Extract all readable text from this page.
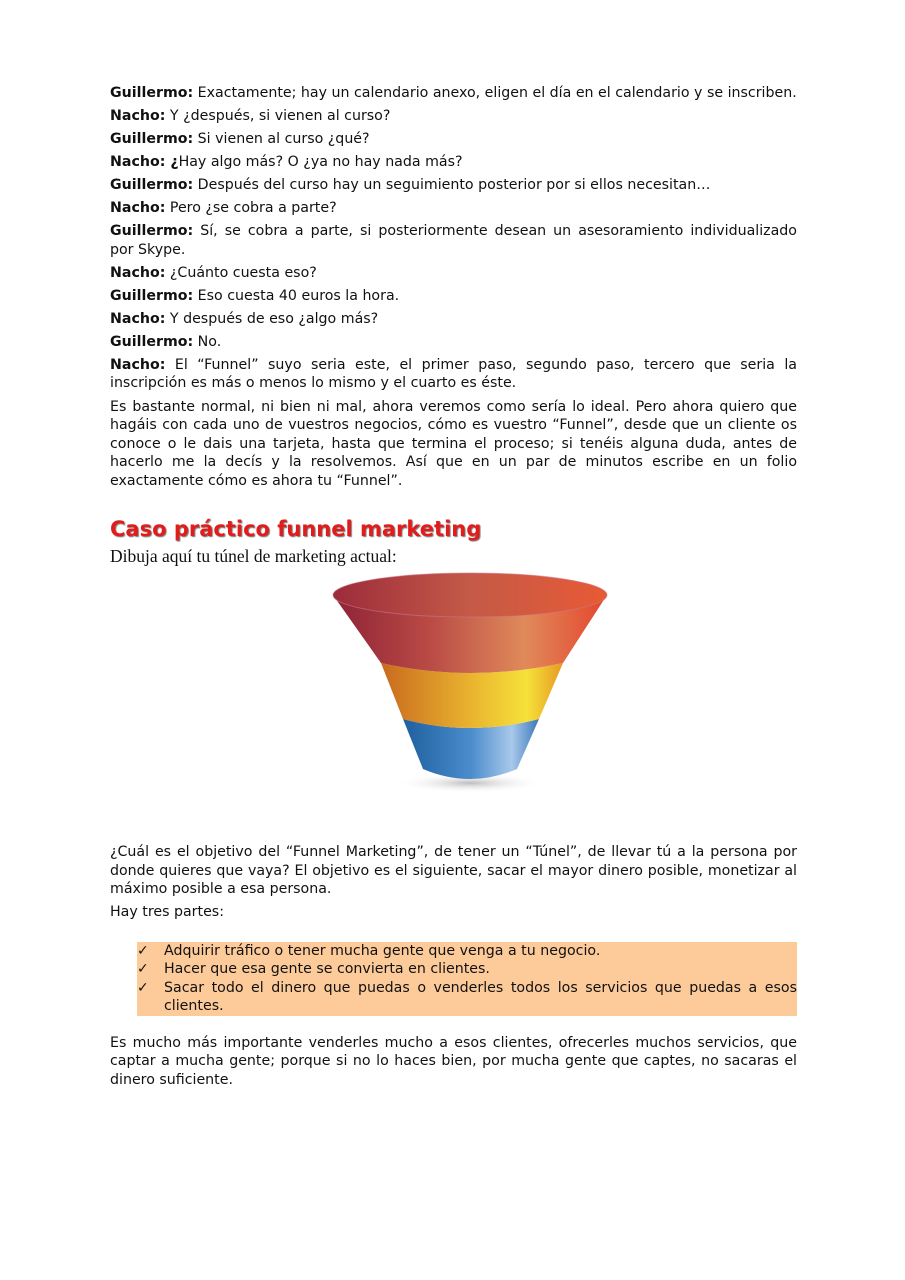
Guillermo: Exactamente; hay un calendario anexo, eligen el día en el calendario y se inscriben.

Nacho: Y ¿después, si vienen al curso?

Guillermo: Si vienen al curso ¿qué?

Nacho: ¿Hay algo más? O ¿ya no hay nada más?

Guillermo: Después del curso hay un seguimiento posterior por si ellos necesitan…

Nacho: Pero ¿se cobra a parte?

Guillermo: Sí, se cobra a parte, si posteriormente desean un asesoramiento individualizado por Skype.

Nacho: ¿Cuánto cuesta eso?

Guillermo: Eso cuesta 40 euros la hora.

Nacho: Y después de eso ¿algo más?

Guillermo: No.

Nacho: El “Funnel” suyo seria este, el primer paso, segundo paso, tercero que seria la inscripción es más o menos lo mismo y el cuarto es éste.

Es bastante normal, ni bien ni mal, ahora veremos como sería lo ideal. Pero ahora quiero que hagáis con cada uno de vuestros negocios, cómo es vuestro “Funnel”, desde que un cliente os conoce o le dais una tarjeta, hasta que termina el proceso; si tenéis alguna duda, antes de hacerlo me la decís y la resolvemos. Así que en un par de minutos escribe en un folio exactamente cómo es ahora tu “Funnel”.

Caso práctico funnel marketing

Dibuja aquí tu túnel de marketing actual:

¿Cuál es el objetivo del “Funnel Marketing”, de tener un “Túnel”, de llevar tú a la persona por donde quieres que vaya? El objetivo es el siguiente, sacar el mayor dinero posible, monetizar al máximo posible a esa persona.

Hay tres partes:

✓ Adquirir tráfico o tener mucha gente que venga a tu negocio.
✓ Hacer que esa gente se convierta en clientes.
✓ Sacar todo el dinero que puedas o venderles todos los servicios que puedas a esos clientes.

Es mucho más importante venderles mucho a esos clientes, ofrecerles muchos servicios, que captar a mucha gente; porque si no lo haces bien, por mucha gente que captes, no sacaras el dinero suficiente.
